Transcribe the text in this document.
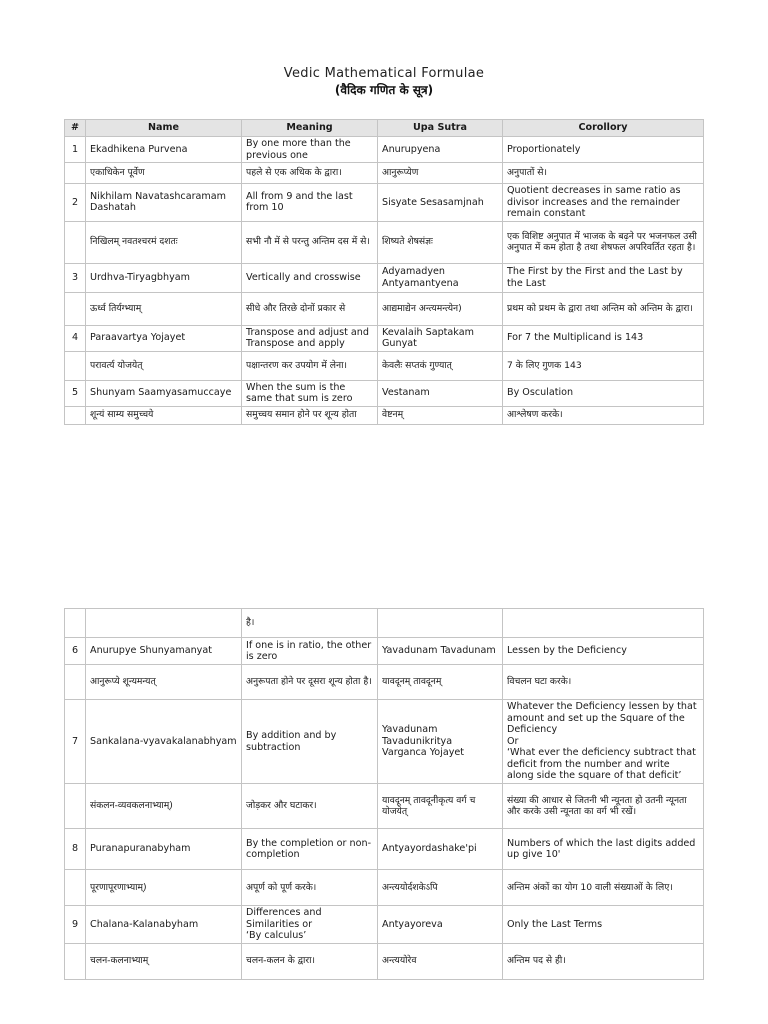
Vedic Mathematical Formulae
(वैदिक गणित के सूत्र)
#	Name	Meaning	Upa Sutra	Corollory
1	Ekadhikena Purvena	By one more than the previous one	Anurupyena	Proportionately
	एकाधिकेन पूर्वेण	पहले से एक अधिक के द्वारा।	आनुरूप्येण	अनुपातों से।
2	Nikhilam Navatashcaramam Dashatah	All from 9 and the last from 10	Sisyate Sesasamjnah	Quotient decreases in same ratio as divisor increases and the remainder remain constant
	निखिलम् नवतश्चरमं दशतः	सभी नौ में से परन्तु अन्तिम दस में से।	शिष्यते शेषसंज्ञः	एक विशिष्ट अनुपात में भाजक के बढ़ने पर भजनफल उसी अनुपात में कम होता है तथा शेषफल अपरिवर्तित रहता है।
3	Urdhva-Tiryagbhyam	Vertically and crosswise	Adyamadyen Antyamantyena	The First by the First and the Last by the Last
	ऊर्ध्व तिर्यग्भ्याम्	सीधे और तिरछे दोनों प्रकार से	आद्यमाद्येन अन्त्यमन्त्येन)	प्रथम को प्रथम के द्वारा तथा अन्तिम को अन्तिम के द्वारा।
4	Paraavartya Yojayet	Transpose and adjust and Transpose and apply	Kevalaih Saptakam Gunyat	For 7 the Multiplicand is 143
	परावर्त्य योजयेत्	पक्षान्तरण कर उपयोग में लेना।	केवलैः सप्तकं गुण्यात्	7 के लिए गुणक 143
5	Shunyam Saamyasamuccaye	When the sum is the same that sum is zero	Vestanam	By Osculation
	शून्यं साम्य समुच्चये	समुच्चय समान होने पर शून्य होता	वेष्टनम्	आश्लेषण करके।
		है।		
6	Anurupye Shunyamanyat	If one is in ratio, the other is zero	Yavadunam Tavadunam	Lessen by the Deficiency
	आनुरूप्ये शून्यमन्यत्	अनुरूपता होने पर दूसरा शून्य होता है।	यावदूनम् तावदूनम्	विचलन घटा करके।
7	Sankalana-vyavakalanabhyam	By addition and by subtraction	Yavadunam Tavadunikritya Varganca Yojayet	Whatever the Deficiency lessen by that amount and set up the Square of the Deficiency
Or
‘What ever the deficiency subtract that deficit from the number and write along side the square of that deficit’
	संकलन-व्यवकलनाभ्याम्)	जोड़कर और घटाकर।	यावदूनम् तावदूनीकृत्य वर्ग च योजयेत्	संख्या की आधार से जितनी भी न्यूनता हो उतनी न्यूनता और करके उसी न्यूनता का वर्ग भी रखें।
8	Puranapuranabyham	By the completion or non-completion	Antyayordashake'pi	Numbers of which the last digits added up give 10'
	पूरणापूरणाभ्याम्)	अपूर्ण को पूर्ण करके।	अन्त्ययोर्दशकेऽपि	अन्तिम अंकों का योग 10 वाली संख्याओं के लिए।
9	Chalana-Kalanabyham	Differences and Similarities or
‘By calculus’	Antyayoreva	Only the Last Terms
	चलन-कलनाभ्याम्	चलन-कलन के द्वारा।	अन्त्ययोरेव	अन्तिम पद से ही।
